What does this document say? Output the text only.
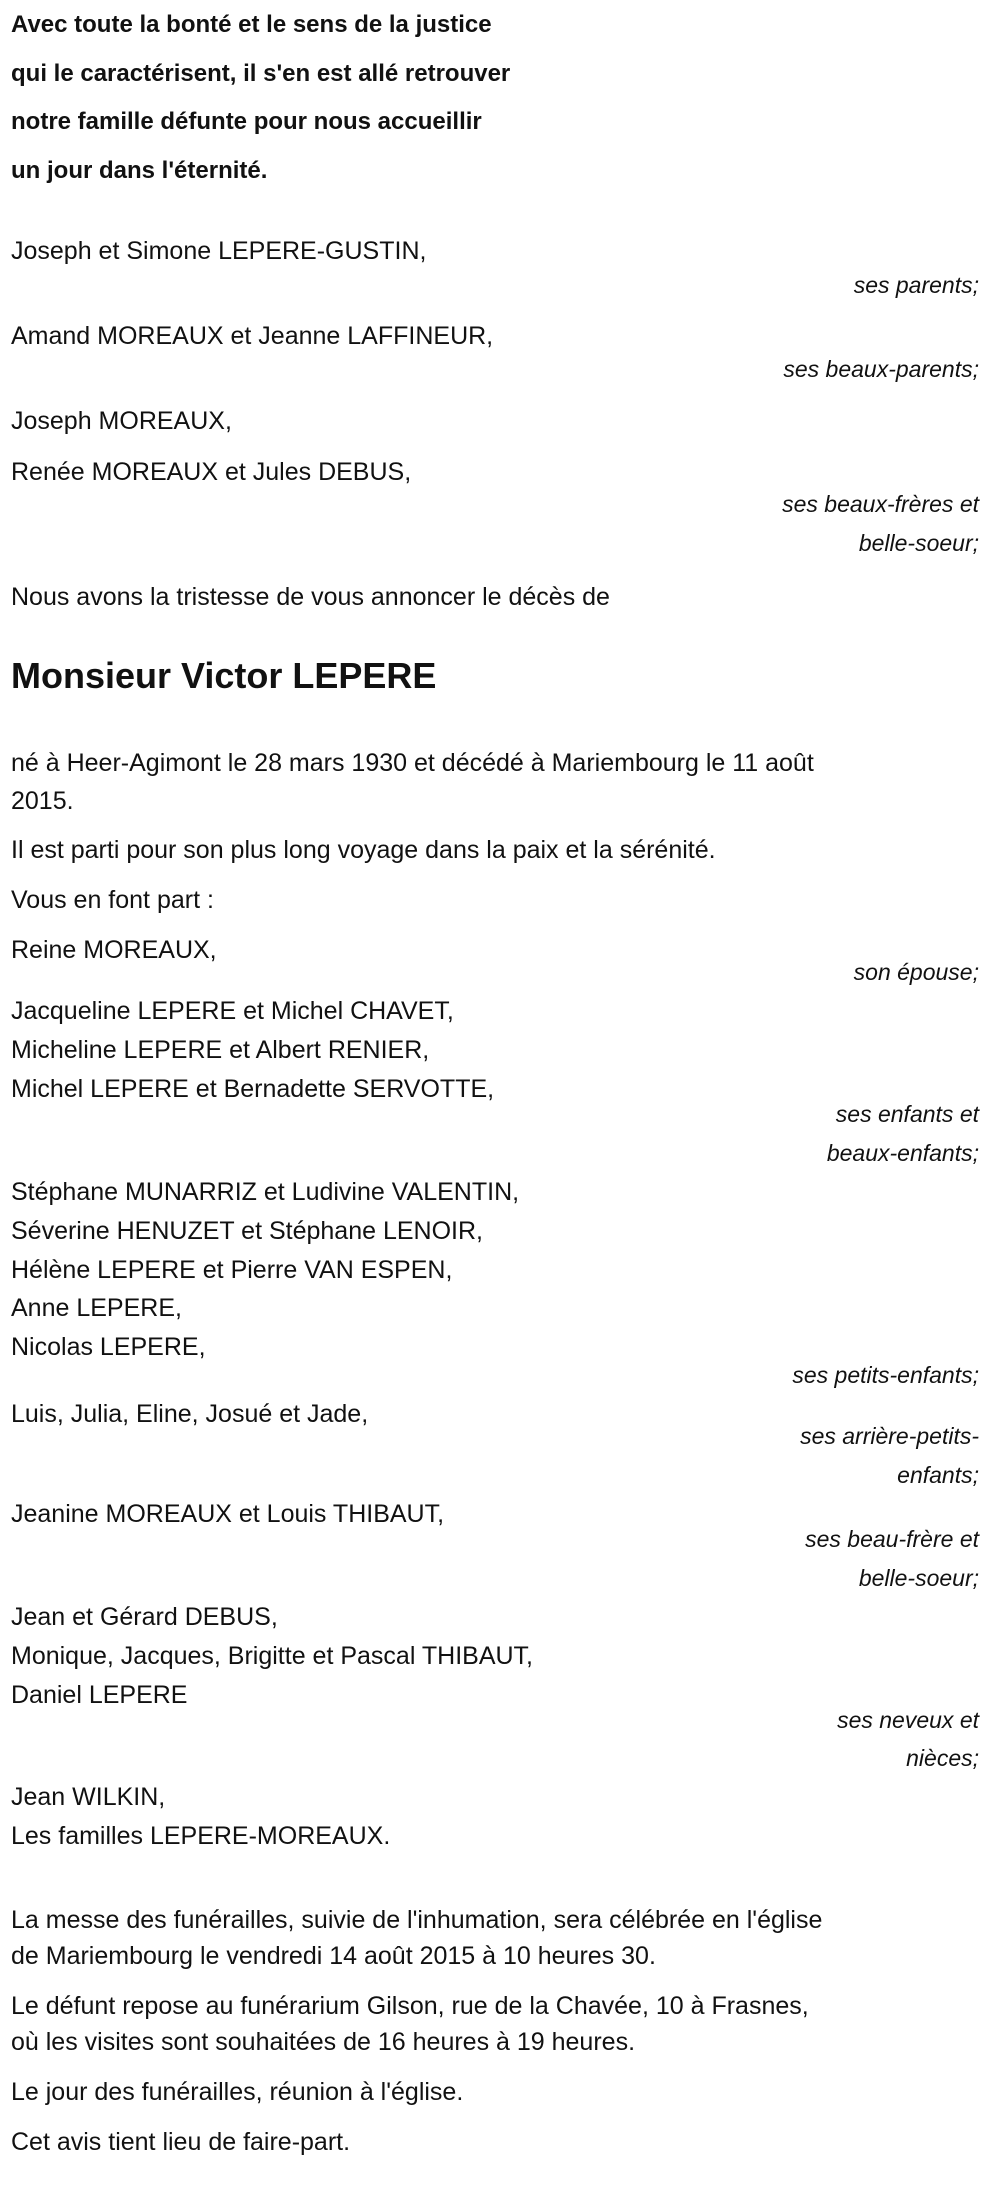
Avec toute la bonté et le sens de la justice
qui le caractérisent, il s'en est allé retrouver
notre famille défunte pour nous accueillir
un jour dans l'éternité.
Joseph et Simone LEPERE-GUSTIN,
ses parents;
Amand MOREAUX et Jeanne LAFFINEUR,
ses beaux-parents;
Joseph MOREAUX,
Renée MOREAUX et Jules DEBUS,
ses beaux-frères et
belle-soeur;
Nous avons la tristesse de vous annoncer le décès de
Monsieur Victor LEPERE
né à Heer-Agimont le 28 mars 1930 et décédé à Mariembourg le 11 août
2015.
Il est parti pour son plus long voyage dans la paix et la sérénité.
Vous en font part :
Reine MOREAUX,
son épouse;
Jacqueline LEPERE et Michel CHAVET,
Micheline LEPERE et Albert RENIER,
Michel LEPERE et Bernadette SERVOTTE,
ses enfants et
beaux-enfants;
Stéphane MUNARRIZ et Ludivine VALENTIN,
Séverine HENUZET et Stéphane LENOIR,
Hélène LEPERE et Pierre VAN ESPEN,
Anne LEPERE,
Nicolas LEPERE,
ses petits-enfants;
Luis, Julia, Eline, Josué et Jade,
ses arrière-petits-
enfants;
Jeanine MOREAUX et Louis THIBAUT,
ses beau-frère et
belle-soeur;
Jean et Gérard DEBUS,
Monique, Jacques, Brigitte et Pascal THIBAUT,
Daniel LEPERE
ses neveux et
nièces;
Jean WILKIN,
Les familles LEPERE-MOREAUX.
La messe des funérailles, suivie de l'inhumation, sera célébrée en l'église
de Mariembourg le vendredi 14 août 2015 à 10 heures 30.
Le défunt repose au funérarium Gilson, rue de la Chavée, 10 à Frasnes,
où les visites sont souhaitées de 16 heures à 19 heures.
Le jour des funérailles, réunion à l'église.
Cet avis tient lieu de faire-part.
